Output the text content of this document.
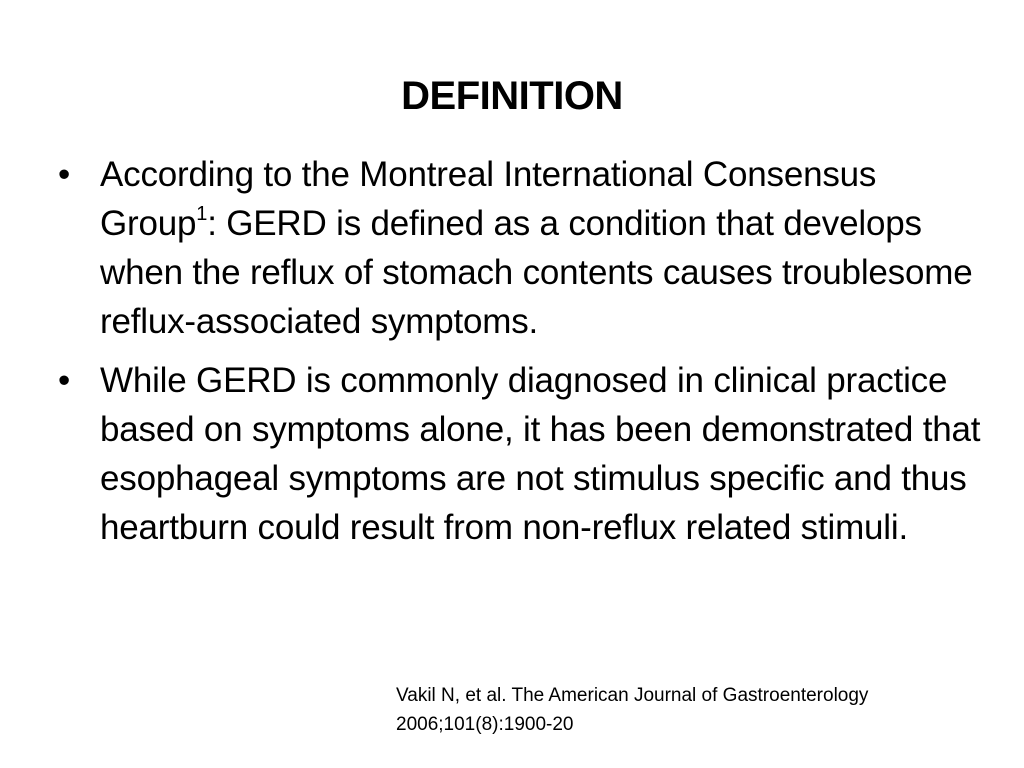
DEFINITION
• According to the Montreal International Consensus Group$^1$: GERD is defined as a condition that develops when the reflux of stomach contents causes troublesome reflux-associated symptoms.
• While GERD is commonly diagnosed in clinical practice based on symptoms alone, it has been demonstrated that esophageal symptoms are not stimulus specific and thus heartburn could result from non-reflux related stimuli.
Vakil N, et al. The American Journal of Gastroenterology
2006;101(8):1900-20
